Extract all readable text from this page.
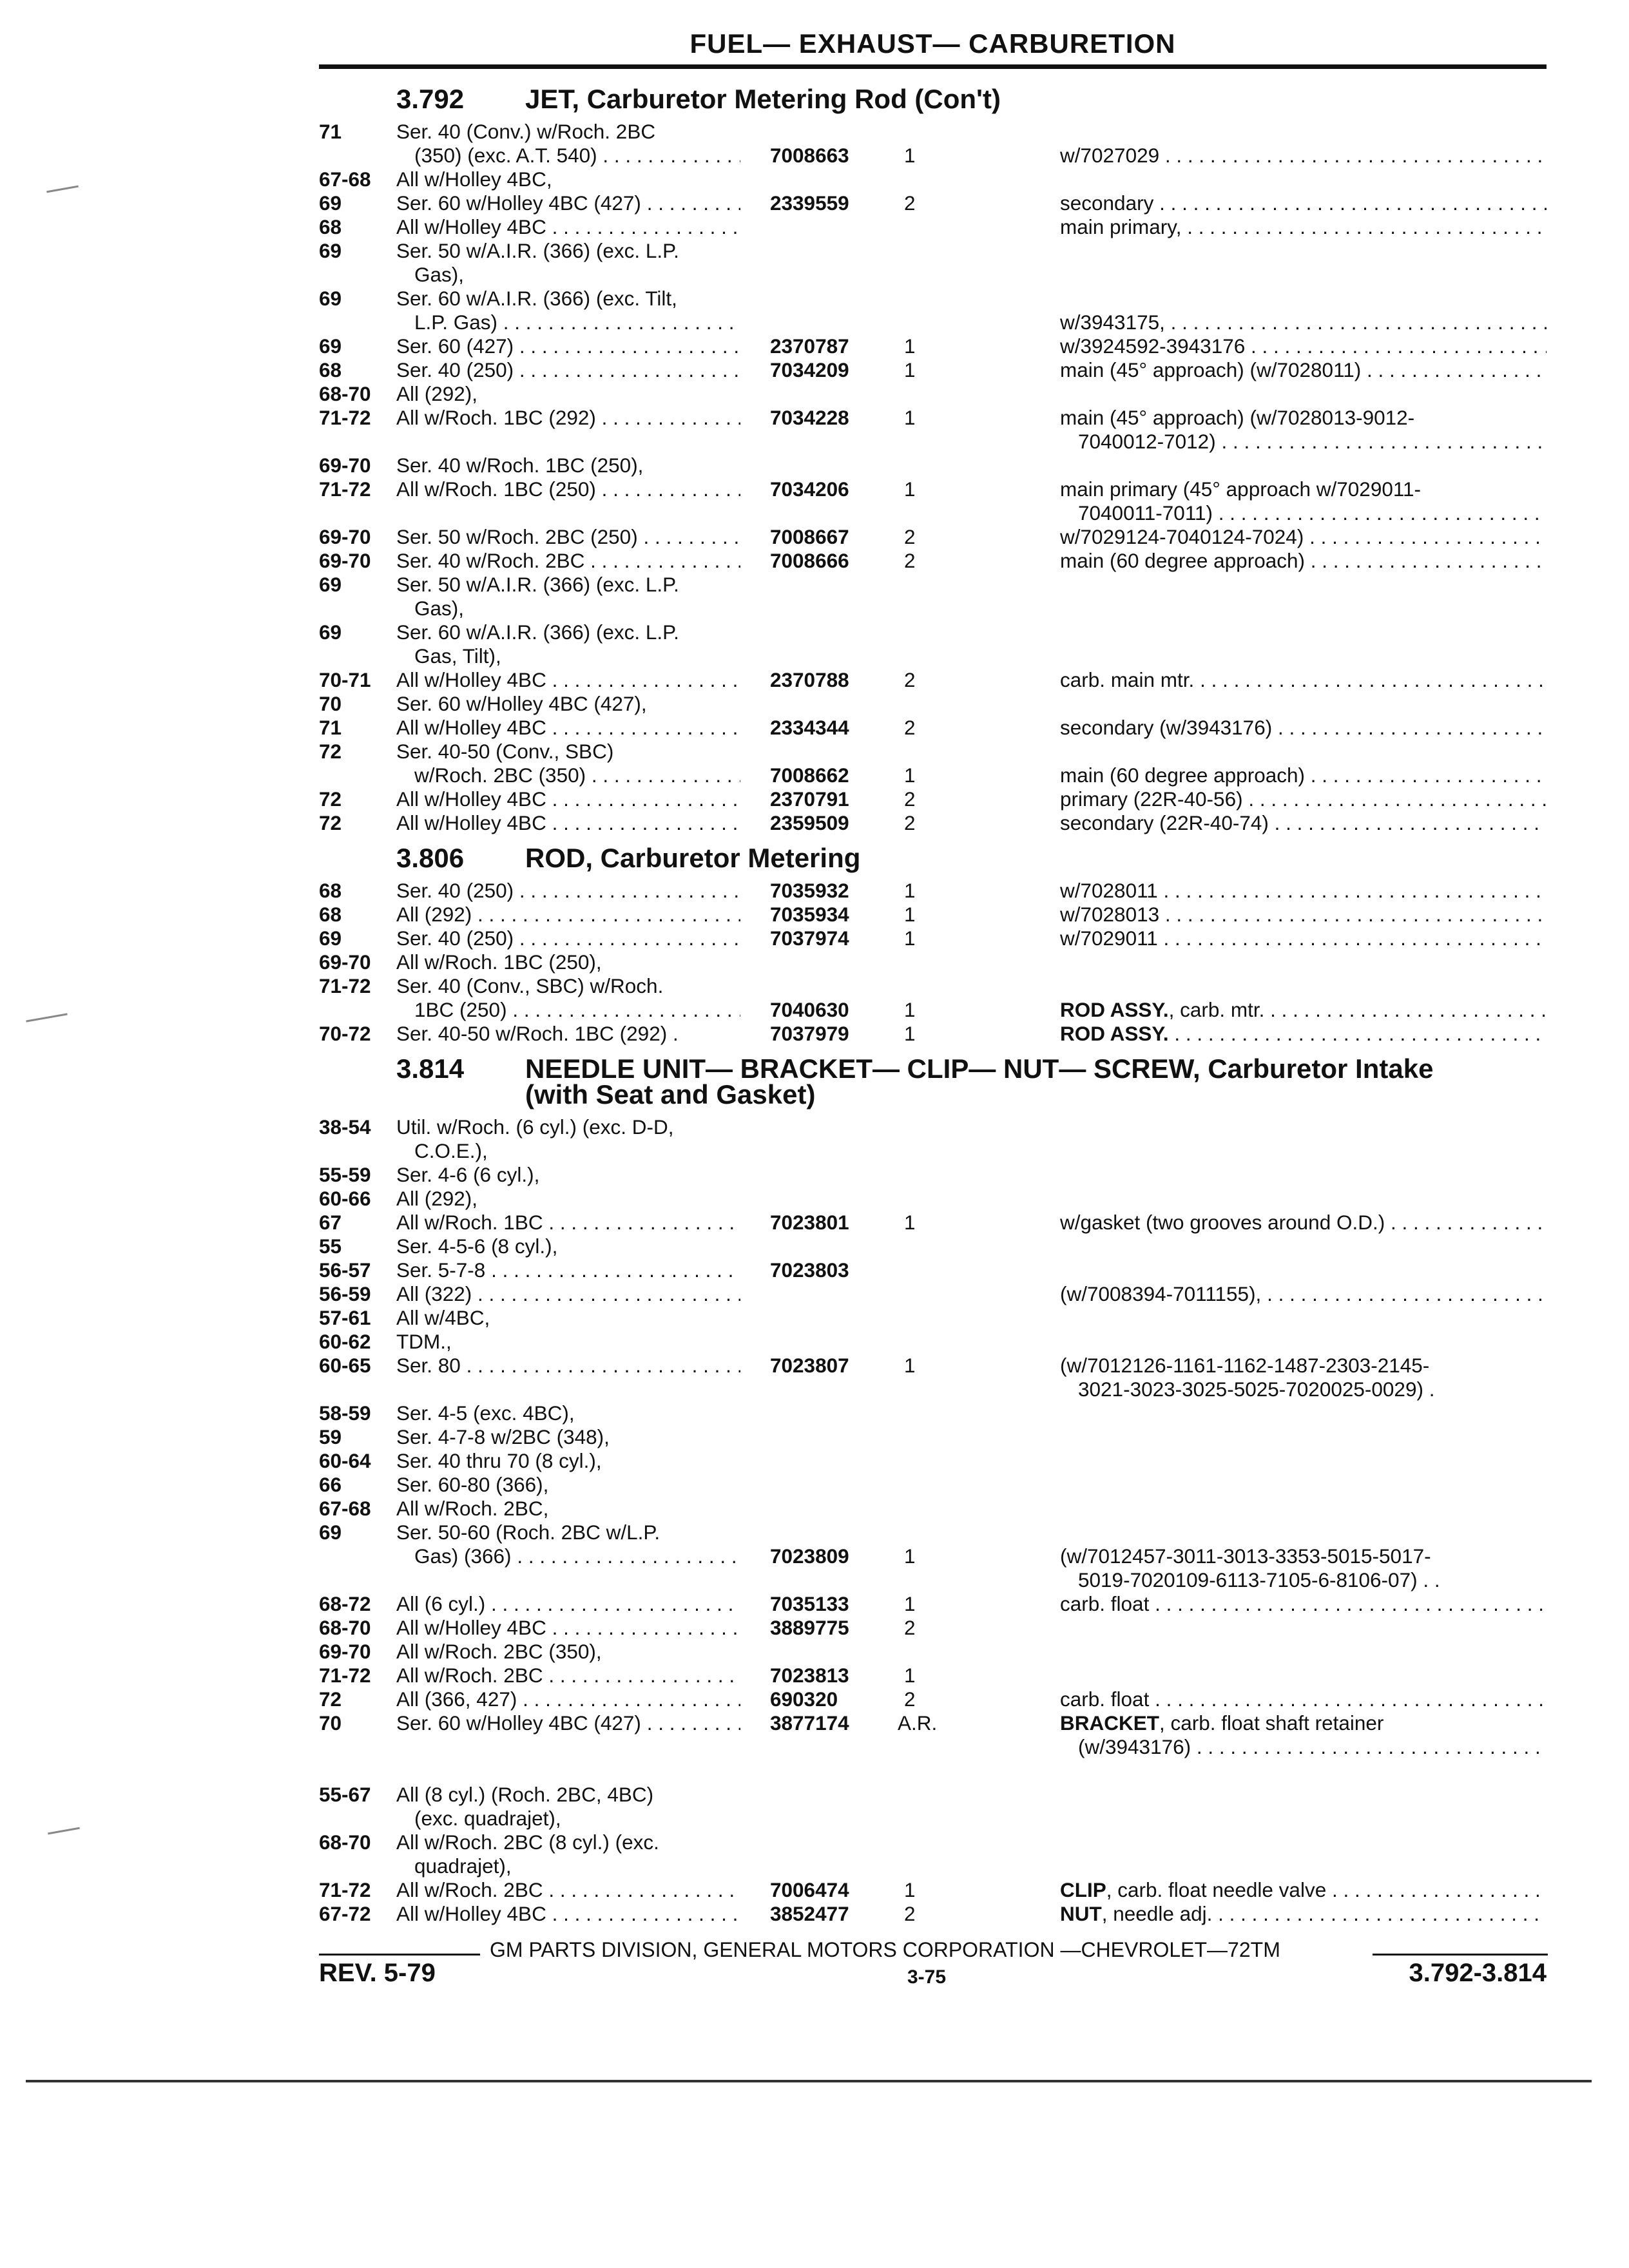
FUEL— EXHAUST— CARBURETION
3.792 JET, Carburetor Metering Rod (Con't)
71	Ser. 40 (Conv.) w/Roch. 2BC
(350) (exc. A.T. 540) . . .	7008663	1	w/7027029 . . .
67-68 All w/Holley 4BC,
69	Ser. 60 w/Holley 4BC (427) . . .	2339559	2	secondary . . .
68	All w/Holley 4BC . . .	main primary, . . .
69	Ser. 50 w/A.I.R. (366) (exc. L.P.
Gas),
69	Ser. 60 w/A.I.R. (366) (exc. Tilt,
L.P. Gas) . . .	w/3943175, . . .
69	Ser. 60 (427) . . .	2370787	1	w/3924592-3943176 . . .
68	Ser. 40 (250) . . .	7034209	1	main (45° approach) (w/7028011) . . .
68-70 All (292),
71-72 All w/Roch. 1BC (292) . . .	7034228	1	main (45° approach) (w/7028013-9012-
7040012-7012) . . .
69-70 Ser. 40 w/Roch. 1BC (250),
71-72 All w/Roch. 1BC (250) . . .	7034206	1	main primary (45° approach w/7029011-
7040011-7011) . . .
69-70 Ser. 50 w/Roch. 2BC (250) . . .	7008667	2	w/7029124-7040124-7024) . . .
69-70 Ser. 40 w/Roch. 2BC . . .	7008666	2	main (60 degree approach) . . .
69	Ser. 50 w/A.I.R. (366) (exc. L.P.
Gas),
69	Ser. 60 w/A.I.R. (366) (exc. L.P.
Gas, Tilt),
70-71 All w/Holley 4BC . . .	2370788	2	carb. main mtr. . . .
70	Ser. 60 w/Holley 4BC (427),
71	All w/Holley 4BC . . .	2334344	2	secondary (w/3943176) . . .
72	Ser. 40-50 (Conv., SBC)
w/Roch. 2BC (350) . . .	7008662	1	main (60 degree approach) . . .
72	All w/Holley 4BC . . .	2370791	2	primary (22R-40-56) . . .
72	All w/Holley 4BC . . .	2359509	2	secondary (22R-40-74) . . .
3.806 ROD, Carburetor Metering
68	Ser. 40 (250) . . .	7035932	1	w/7028011 . . .
68	All (292) . . .	7035934	1	w/7028013 . . .
69	Ser. 40 (250) . . .	7037974	1	w/7029011 . . .
69-70 All w/Roch. 1BC (250),
71-72 Ser. 40 (Conv., SBC) w/Roch.
1BC (250) . . .	7040630	1	ROD ASSY., carb. mtr. . . .
70-72 Ser. 40-50 w/Roch. 1BC (292) .	7037979	1	ROD ASSY. . . .
3.814 NEEDLE UNIT— BRACKET— CLIP— NUT— SCREW, Carburetor Intake
(with Seat and Gasket)
38-54 Util. w/Roch. (6 cyl.) (exc. D-D,
C.O.E.),
55-59 Ser. 4-6 (6 cyl.),
60-66 All (292),
67	All w/Roch. 1BC . . .	7023801	1	w/gasket (two grooves around O.D.) . . .
55	Ser. 4-5-6 (8 cyl.),
56-57 Ser. 5-7-8 . . .	7023803
56-59 All (322) . . .	(w/7008394-7011155), . . .
57-61 All w/4BC,
60-62 TDM.,
60-65 Ser. 80 . . .	7023807	1	(w/7012126-1161-1162-1487-2303-2145-
3021-3023-3025-5025-7020025-0029) .
58-59 Ser. 4-5 (exc. 4BC),
59	Ser. 4-7-8 w/2BC (348),
60-64 Ser. 40 thru 70 (8 cyl.),
66	Ser. 60-80 (366),
67-68 All w/Roch. 2BC,
69	Ser. 50-60 (Roch. 2BC w/L.P.
Gas) (366) . . .	7023809	1	(w/7012457-3011-3013-3353-5015-5017-
5019-7020109-6113-7105-6-8106-07) . .
68-72 All (6 cyl.) . . .	7035133	1	carb. float . . .
68-70 All w/Holley 4BC . . .	3889775	2
69-70 All w/Roch. 2BC (350),
71-72 All w/Roch. 2BC . . .	7023813	1
72	All (366, 427) . . .	690320	2	carb. float . . .
70	Ser. 60 w/Holley 4BC (427) . . .	3877174 A.R.	BRACKET, carb. float shaft retainer
(w/3943176) . . .
55-67 All (8 cyl.) (Roch. 2BC, 4BC)
(exc. quadrajet),
68-70 All w/Roch. 2BC (8 cyl.) (exc.
quadrajet),
71-72 All w/Roch. 2BC . . .	7006474	1	CLIP, carb. float needle valve . . .
67-72 All w/Holley 4BC . . .	3852477	2	NUT, needle adj. . . .
GM PARTS DIVISION, GENERAL MOTORS CORPORATION —CHEVROLET—72TM
REV. 5-79	3-75	3.792-3.814
